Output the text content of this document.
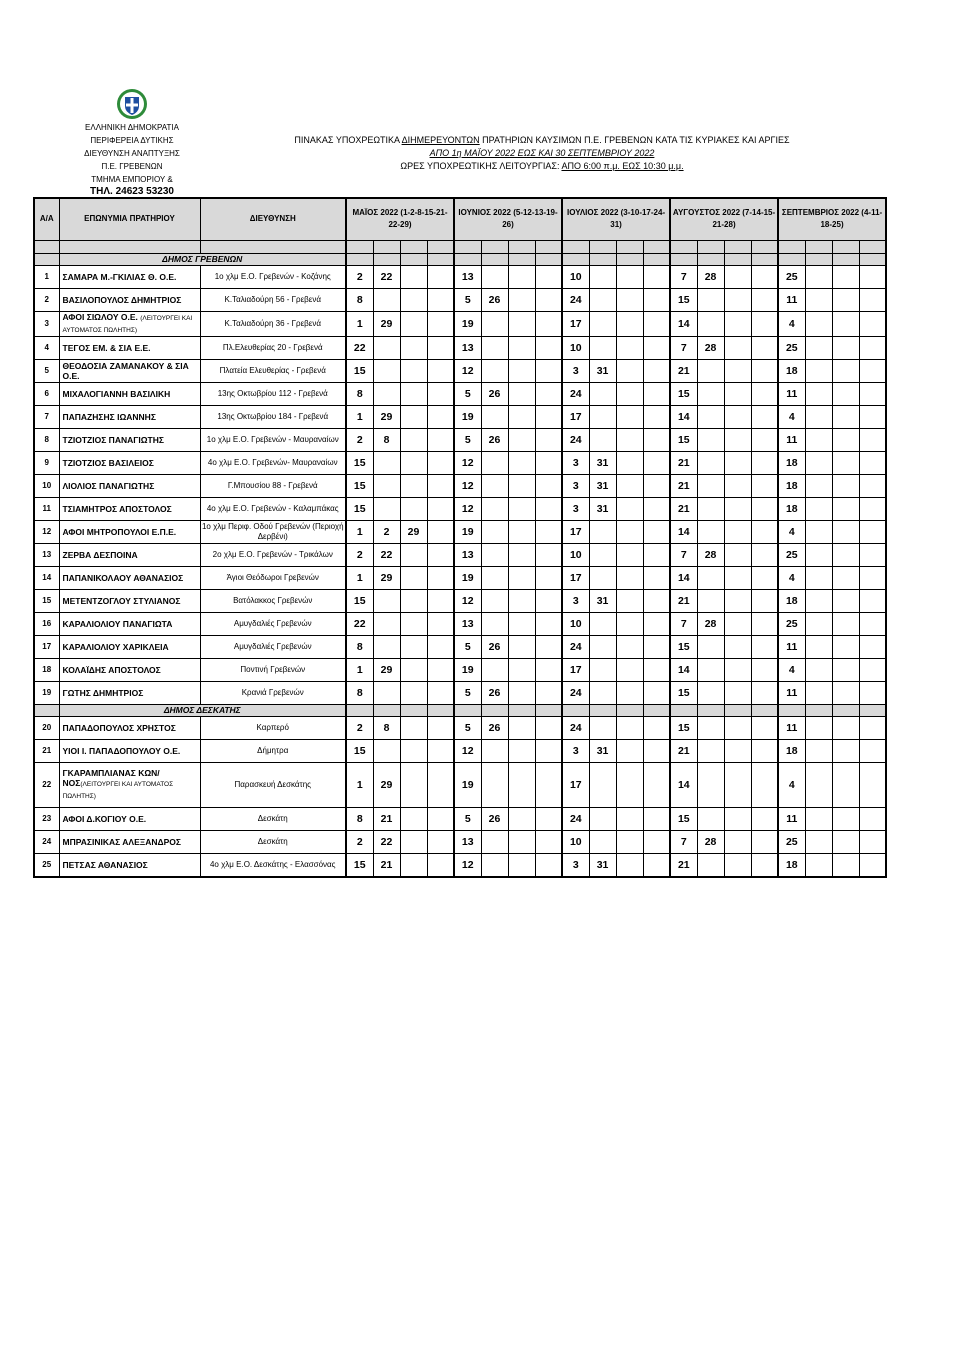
ΕΛΛΗΝΙΚΗ ΔΗΜΟΚΡΑΤΙΑ
ΠΕΡΙΦΕΡΕΙΑ ΔΥΤΙΚΗΣ
ΔΙΕΥΘΥΝΣΗ ΑΝΑΠΤΥΞΗΣ
Π.Ε. ΓΡΕΒΕΝΩΝ
ΤΜΗΜΑ ΕΜΠΟΡΙΟΥ &
ΤΗΛ. 24623 53230
ΠΙΝΑΚΑΣ ΥΠΟΧΡΕΩΤΙΚΑ ΔΙΗΜΕΡΕΥΟΝΤΩΝ ΠΡΑΤΗΡΙΩΝ ΚΑΥΣΙΜΩΝ Π.Ε. ΓΡΕΒΕΝΩΝ ΚΑΤΑ ΤΙΣ ΚΥΡΙΑΚΕΣ ΚΑΙ ΑΡΓΙΕΣ
ΑΠΟ 1η ΜΑΪΟΥ 2022 ΕΩΣ ΚΑΙ 30 ΣΕΠΤΕΜΒΡΙΟΥ 2022
ΩΡΕΣ ΥΠΟΧΡΕΩΤΙΚΗΣ ΛΕΙΤΟΥΡΓΙΑΣ: ΑΠΟ 6:00 π.μ. ΕΩΣ 10:30 μ.μ.
Α/Α	ΕΠΩΝΥΜΙΑ ΠΡΑΤΗΡΙΟΥ	ΔΙΕΥΘΥΝΣΗ	ΜΑΪΟΣ 2022 (1-2-8-15-21-22-29)				ΙΟΥΝΙΟΣ 2022 (5-12-13-19-26)				ΙΟΥΛΙΟΣ 2022 (3-10-17-24-31)				ΑΥΓΟΥΣΤΟΣ 2022 (7-14-15-21-28)				ΣΕΠΤΕΜΒΡΙΟΣ 2022 (4-11-18-25)			

	ΔΗΜΟΣ ΓΡΕΒΕΝΩΝ																					
1	ΣΑΜΑΡΑ Μ.-ΓΚΙΛΙΑΣ Θ. Ο.Ε.	1ο χλμ Ε.Ο. Γρεβενών - Κοζάνης	2	22			13				10				7	28			25			
2	ΒΑΣΙΛΟΠΟΥΛΟΣ ΔΗΜΗΤΡΙΟΣ	Κ.Ταλιαδούρη 56 - Γρεβενά	8				5	26			24				15				11			
3	ΑΦΟΙ ΣΙΩΛΟΥ Ο.Ε. (ΛΕΙΤΟΥΡΓΕΙ ΚΑΙ ΑΥΤΟΜΑΤΟΣ ΠΩΛΗΤΗΣ)	Κ.Ταλιαδούρη 36 - Γρεβενά	1	29			19				17				14				4			
4	ΤΕΓΟΣ ΕΜ. & ΣΙΑ Ε.Ε.	Πλ.Ελευθερίας 20 - Γρεβενά	22				13				10				7	28			25			
5	ΘΕΟΔΟΣΙΑ ΖΑΜΑΝΑΚΟΥ & ΣΙΑ Ο.Ε.	Πλατεία Ελευθερίας - Γρεβενά	15				12				3	31			21				18			
6	ΜΙΧΑΛΟΓΙΑΝΝΗ ΒΑΣΙΛΙΚΗ	13ης Οκτωβρίου 112 - Γρεβενά	8				5	26			24				15				11			
7	ΠΑΠΑΖΗΣΗΣ ΙΩΑΝΝΗΣ	13ης Οκτωβρίου 184 - Γρεβενά	1	29			19				17				14				4			
8	ΤΖΙΟΤΖΙΟΣ ΠΑΝΑΓΙΩΤΗΣ	1ο χλμ Ε.Ο. Γρεβενών - Μαυραναίων	2	8			5	26			24				15				11			
9	ΤΖΙΟΤΖΙΟΣ ΒΑΣΙΛΕΙΟΣ	4ο χλμ Ε.Ο. Γρεβενών- Μαυραναίων	15				12				3	31			21				18			
10	ΛΙΟΛΙΟΣ ΠΑΝΑΓΙΩΤΗΣ	Γ.Μπουσίου 88 - Γρεβενά	15				12				3	31			21				18			
11	ΤΣΙΑΜΗΤΡΟΣ ΑΠΟΣΤΟΛΟΣ	4ο χλμ Ε.Ο. Γρεβενών - Καλαμπάκας	15				12				3	31			21				18			
12	ΑΦΟΙ ΜΗΤΡΟΠΟΥΛΟΙ Ε.Π.Ε.	1ο χλμ Περιφ. Οδού Γρεβενών (Περιοχή Δερβένι)	1	2	29		19				17				14				4			
13	ΖΕΡΒΑ ΔΕΣΠΟΙΝΑ	2ο χλμ Ε.Ο. Γρεβενών - Τρικάλων	2	22			13				10				7	28			25			
14	ΠΑΠΑΝΙΚΟΛΑΟΥ ΑΘΑΝΑΣΙΟΣ	Άγιοι Θεόδωροι Γρεβενών	1	29			19				17				14				4			
15	ΜΕΤΕΝΤΖΟΓΛΟΥ ΣΤΥΛΙΑΝΟΣ	Βατόλακκος Γρεβενών	15				12				3	31			21				18			
16	ΚΑΡΑΛΙΟΛΙΟΥ ΠΑΝΑΓΙΩΤΑ	Αμυγδαλιές Γρεβενών	22				13				10				7	28			25			
17	ΚΑΡΑΛΙΟΛΙΟΥ ΧΑΡΙΚΛΕΙΑ	Αμυγδαλιές Γρεβενών	8				5	26			24				15				11			
18	ΚΟΛΑΪΔΗΣ ΑΠΟΣΤΟΛΟΣ	Ποντινή Γρεβενών	1	29			19				17				14				4			
19	ΓΩΤΗΣ ΔΗΜΗΤΡΙΟΣ	Κρανιά Γρεβενών	8				5	26			24				15				11			
	ΔΗΜΟΣ ΔΕΣΚΑΤΗΣ																					
20	ΠΑΠΑΔΟΠΟΥΛΟΣ ΧΡΗΣΤΟΣ	Καρπερό	2	8			5	26			24				15				11			
21	ΥΙΟΙ Ι. ΠΑΠΑΔΟΠΟΥΛΟΥ Ο.Ε.	Δήμητρα	15				12				3	31			21				18			
22	ΓΚΑΡΑΜΠΛΙΑΝΑΣ ΚΩΝ/ΝΟΣ(ΛΕΙΤΟΥΡΓΕΙ ΚΑΙ ΑΥΤΟΜΑΤΟΣ ΠΩΛΗΤΗΣ)	Παρασκευή Δεσκάτης	1	29			19				17				14				4			
23	ΑΦΟΙ Δ.ΚΟΓΙΟΥ Ο.Ε.	Δεσκάτη	8	21			5	26			24				15				11			
24	ΜΠΡΑΣΙΝΙΚΑΣ ΑΛΕΞΑΝΔΡΟΣ	Δεσκάτη	2	22			13				10				7	28			25			
25	ΠΕΤΣΑΣ ΑΘΑΝΑΣΙΟΣ	4ο χλμ Ε.Ο. Δεσκάτης - Ελασσόνας	15	21			12				3	31			21				18			
